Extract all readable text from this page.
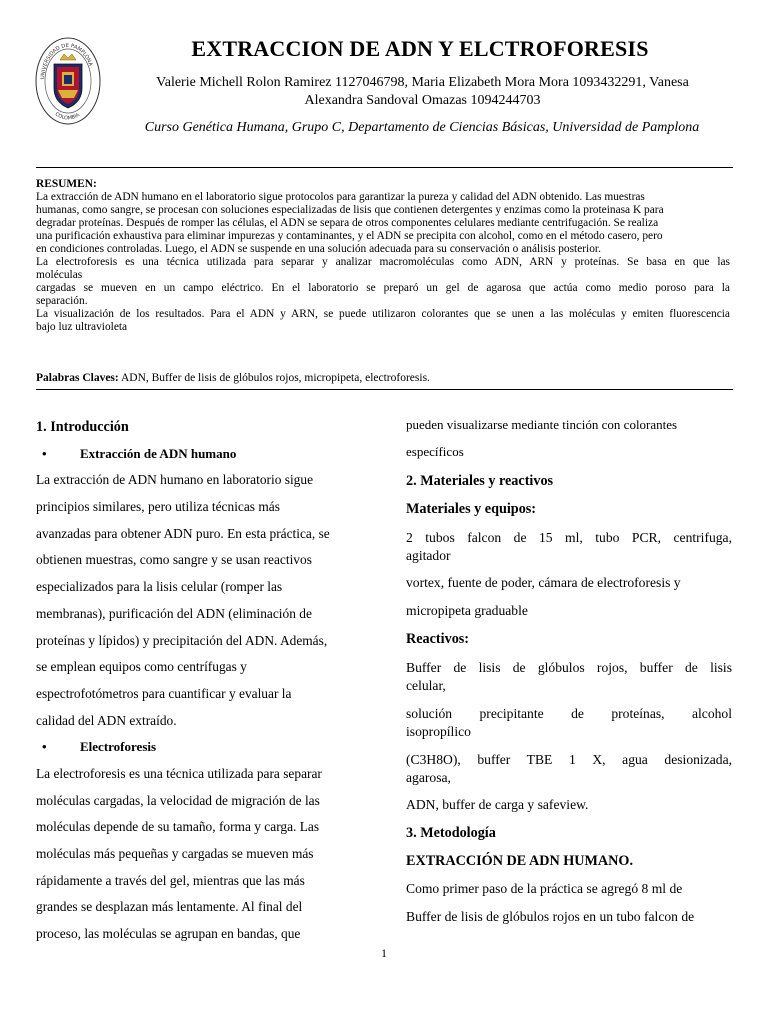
UNIVERSIDAD DE PAMPLONA
COLOMBIA
EXTRACCION DE ADN Y ELCTROFORESIS
Valerie Michell Rolon Ramirez 1127046798, Maria Elizabeth Mora Mora 1093432291, Vanesa
Alexandra Sandoval Omazas 1094244703
Curso Genética Humana, Grupo C, Departamento de Ciencias Básicas, Universidad de Pamplona

RESUMEN:

La extracción de ADN humano en el laboratorio sigue protocolos para garantizar la pureza y calidad del ADN obtenido. Las muestras

humanas, como sangre, se procesan con soluciones especializadas de lisis que contienen detergentes y enzimas como la proteinasa K para

degradar proteínas. Después de romper las células, el ADN se separa de otros componentes celulares mediante centrifugación. Se realiza

una purificación exhaustiva para eliminar impurezas y contaminantes, y el ADN se precipita con alcohol, como en el método casero, pero

en condiciones controladas. Luego, el ADN se suspende en una solución adecuada para su conservación o análisis posterior.

La electroforesis es una técnica utilizada para separar y analizar macromoléculas como ADN, ARN y proteínas. Se basa en que las

moléculas

cargadas se mueven en un campo eléctrico. En el laboratorio se preparó un gel de agarosa que actúa como medio poroso para la

separación.

La visualización de los resultados. Para el ADN y ARN, se puede utilizaron colorantes que se unen a las moléculas y emiten fluorescencia

bajo luz ultravioleta

Palabras Claves: ADN, Buffer de lisis de glóbulos rojos, micropipeta, electroforesis.
1. Introducción
• Extracción de ADN humano
La extracción de ADN humano en laboratorio sigue
principios similares, pero utiliza técnicas más
avanzadas para obtener ADN puro. En esta práctica, se
obtienen muestras, como sangre y se usan reactivos
especializados para la lisis celular (romper las
membranas), purificación del ADN (eliminación de
proteínas y lípidos) y precipitación del ADN. Además,
se emplean equipos como centrífugas y
espectrofotómetros para cuantificar y evaluar la
calidad del ADN extraído.
• Electroforesis
La electroforesis es una técnica utilizada para separar
moléculas cargadas, la velocidad de migración de las
moléculas depende de su tamaño, forma y carga. Las
moléculas más pequeñas y cargadas se mueven más
rápidamente a través del gel, mientras que las más
grandes se desplazan más lentamente. Al final del
proceso, las moléculas se agrupan en bandas, que
pueden visualizarse mediante tinción con colorantes
específicos
2. Materiales y reactivos
Materiales y equipos:
2 tubos falcon de 15 ml, tubo PCR, centrifuga,
agitador
vortex, fuente de poder, cámara de electroforesis y
micropipeta graduable
Reactivos:
Buffer de lisis de glóbulos rojos, buffer de lisis
celular,
solución precipitante de proteínas, alcohol
isopropílico
(C3H8O), buffer TBE 1 X, agua desionizada,
agarosa,
ADN, buffer de carga y safeview.
3. Metodología
EXTRACCIÓN DE ADN HUMANO.
Como primer paso de la práctica se agregó 8 ml de
Buffer de lisis de glóbulos rojos en un tubo falcon de
1
